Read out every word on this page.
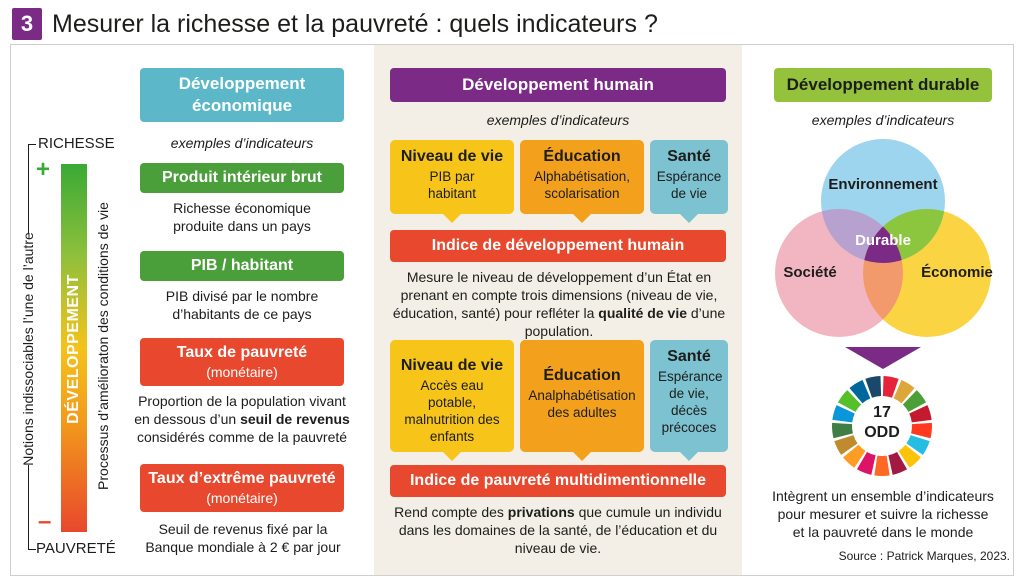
3 Mesurer la richesse et la pauvreté : quels indicateurs ?
RICHESSE
PAUVRETÉ
Notions indissociables l’une de l’autre
+
–
DÉVELOPPEMENT Processus d’amélioraton des conditions de vie
Développement économique
exemples d’indicateurs
Produit intérieur brut
Richesse économique produite dans un pays
PIB / habitant
PIB divisé par le nombre d’habitants de ce pays
Taux de pauvreté
(monétaire)
Proportion de la population vivant en dessous d’un seuil de revenus considérés comme de la pauvreté
Taux d’extrême pauvreté
(monétaire)
Seuil de revenus fixé par la Banque mondiale à 2 € par jour
Développement humain
exemples d’indicateurs
Niveau de vie
PIB par habitant
Éducation
Alphabétisation, scolarisation
Santé
Espérance de vie
Indice de développement humain
Mesure le niveau de développement d’un État en prenant en compte trois dimensions (niveau de vie, éducation, santé) pour refléter la qualité de vie d’une population.
Niveau de vie
Accès eau potable, malnutrition des enfants
Éducation
Analphabétisation des adultes
Santé
Espérance de vie, décès précoces
Indice de pauvreté multidimentionnelle
Rend compte des privations que cumule un individu dans les domaines de la santé, de l’éducation et du niveau de vie.
Développement durable
exemples d’indicateurs
Environnement
Société	Économie
Durable
17
ODD
Intègrent un ensemble d’indicateurs pour mesurer et suivre la richesse et la pauvreté dans le monde
Source : Patrick Marques, 2023.
